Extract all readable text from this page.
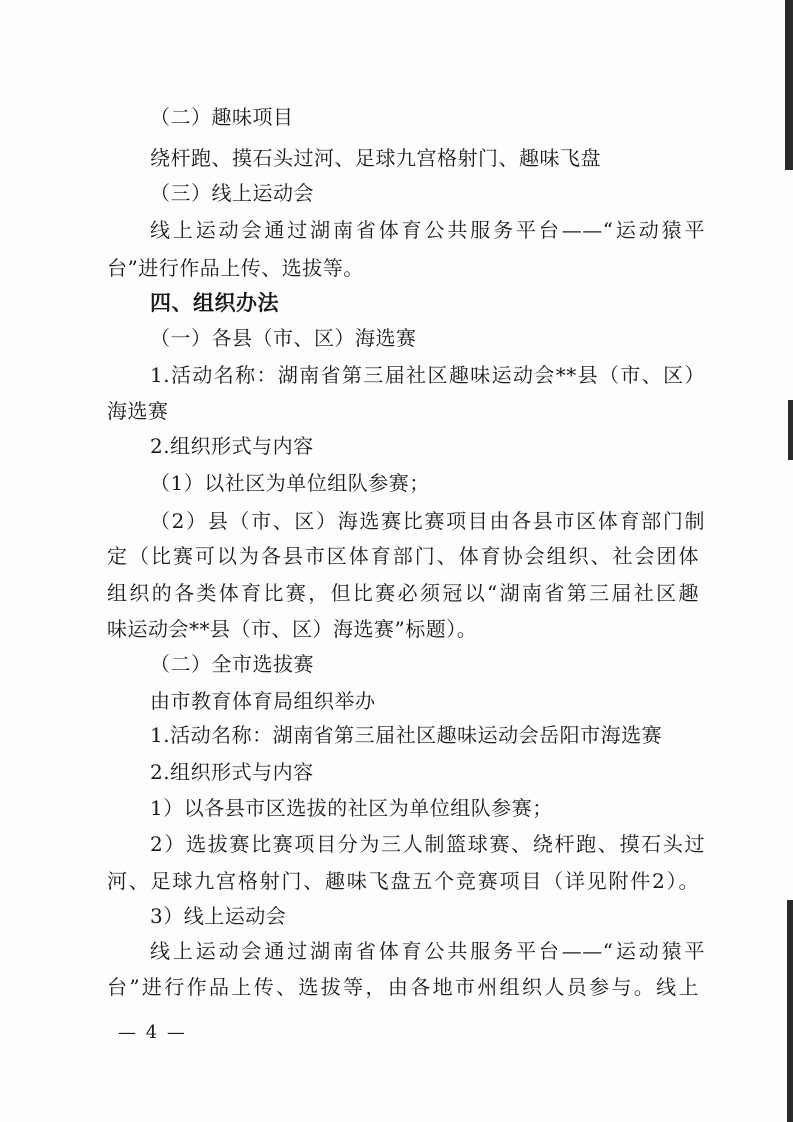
（二）趣味项目
绕杆跑、摸石头过河、足球九宫格射门、趣味飞盘
（三）线上运动会
线上运动会通过湖南省体育公共服务平台——“运动猿平
台”进行作品上传、选拔等。
四、组织办法
（一）各县（市、区）海选赛
1.活动名称：湖南省第三届社区趣味运动会**县（市、区）
海选赛
2.组织形式与内容
（1）以社区为单位组队参赛；
（2）县（市、区）海选赛比赛项目由各县市区体育部门制
定（比赛可以为各县市区体育部门、体育协会组织、社会团体
组织的各类体育比赛，但比赛必须冠以“湖南省第三届社区趣
味运动会**县（市、区）海选赛”标题）。
（二）全市选拔赛
由市教育体育局组织举办
1.活动名称：湖南省第三届社区趣味运动会岳阳市海选赛
2.组织形式与内容
1）以各县市区选拔的社区为单位组队参赛；
2）选拔赛比赛项目分为三人制篮球赛、绕杆跑、摸石头过
河、足球九宫格射门、趣味飞盘五个竞赛项目（详见附件2）。
3）线上运动会
线上运动会通过湖南省体育公共服务平台——“运动猿平
台”进行作品上传、选拔等，由各地市州组织人员参与。线上
— 4 —
